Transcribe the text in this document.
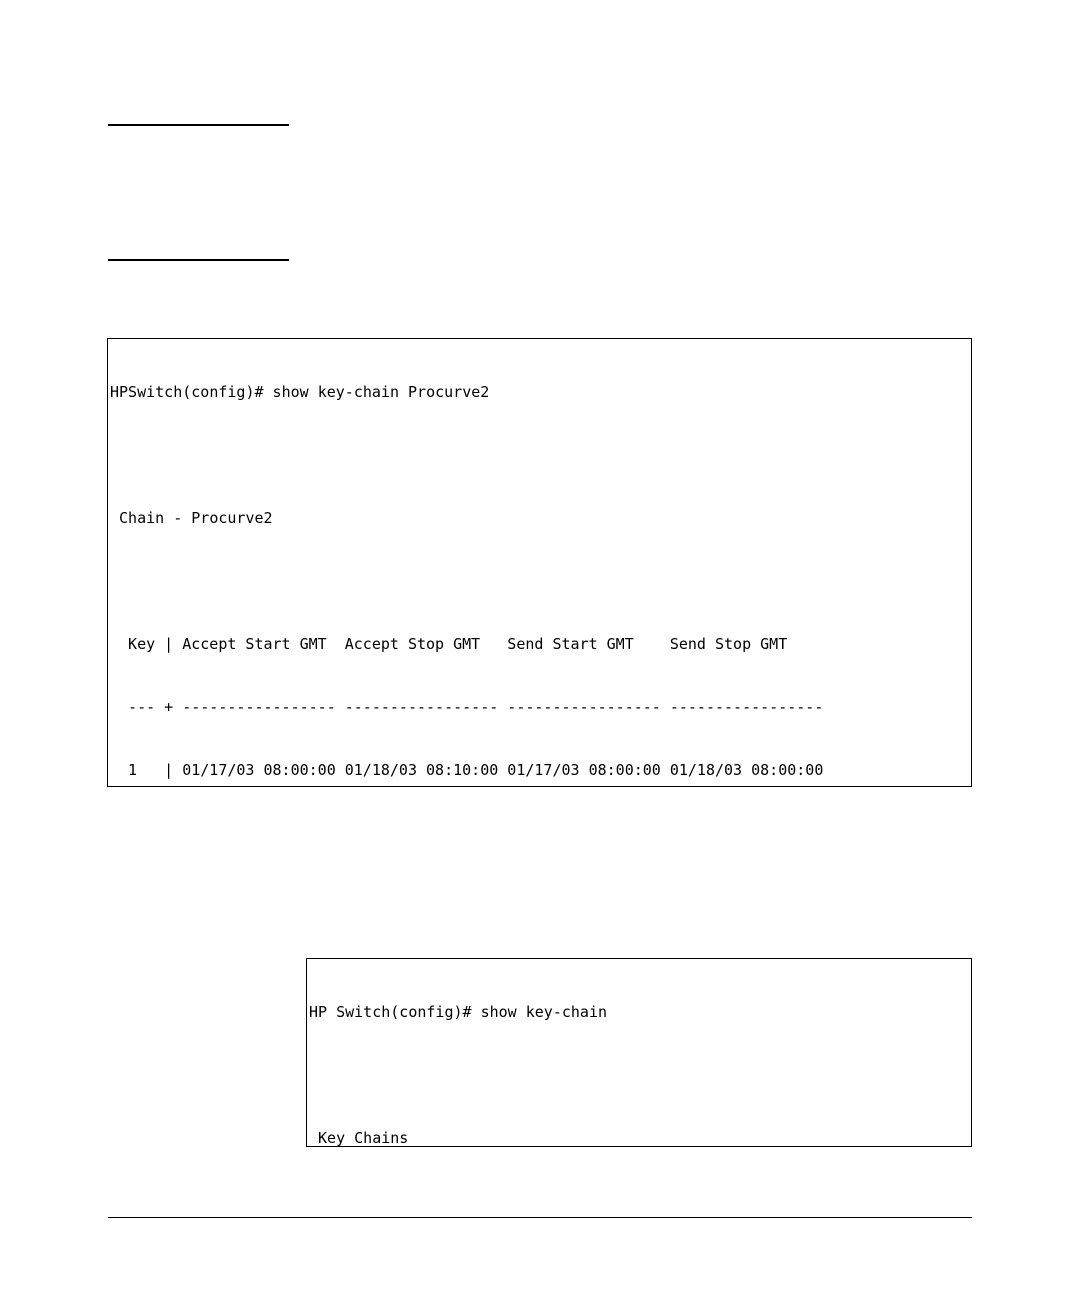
HPSwitch(config)# show key-chain Procurve2

Chain - Procurve2

Key | Accept Start GMT Accept Stop GMT Send Start GMT Send Stop GMT

--- + ----------------- ----------------- ----------------- -----------------

1 | 01/17/03 08:00:00 01/18/03 08:10:00 01/17/03 08:00:00 01/18/03 08:00:00

HP Switch(config)# show key-chain

Key Chains
